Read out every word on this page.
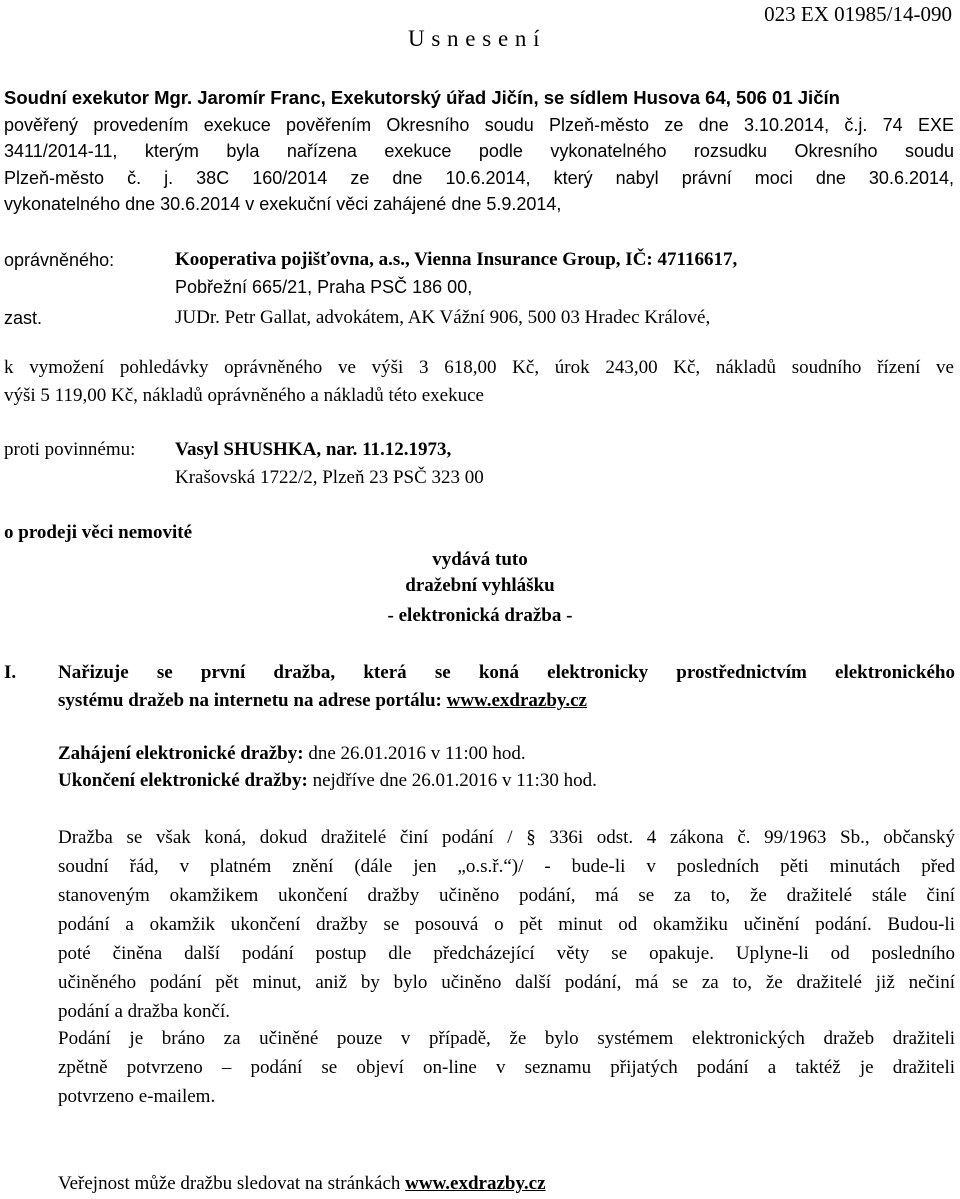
U s n e s e n í
023 EX 01985/14-090
Soudní exekutor Mgr. Jaromír Franc, Exekutorský úřad Jičín, se sídlem Husova 64, 506 01 Jičín
pověřený provedením exekuce pověřením Okresního soudu Plzeň-město ze dne 3.10.2014, č.j. 74 EXE
3411/2014-11, kterým byla nařízena exekuce podle vykonatelného rozsudku Okresního soudu
Plzeň-město č. j. 38C 160/2014 ze dne 10.6.2014, který nabyl právní moci dne 30.6.2014,
vykonatelného dne 30.6.2014 v exekuční věci zahájené dne 5.9.2014,
oprávněného:	Kooperativa pojišťovna, a.s., Vienna Insurance Group, IČ: 47116617,
Pobřežní 665/21, Praha PSČ 186 00,
zast.	JUDr. Petr Gallat, advokátem, AK Vážní 906, 500 03 Hradec Králové,
k vymožení pohledávky oprávněného ve výši 3 618,00 Kč, úrok 243,00 Kč, nákladů soudního řízení ve
výši 5 119,00 Kč, nákladů oprávněného a nákladů této exekuce
proti povinnému: Vasyl SHUSHKA, nar. 11.12.1973,
Krašovská 1722/2, Plzeň 23 PSČ 323 00
o prodeji věci nemovité
vydává tuto
dražební vyhlášku
- elektronická dražba -
I. Nařizuje se první dražba, která se koná elektronicky prostřednictvím elektronického
systému dražeb na internetu na adrese portálu: www.exdrazby.cz
Zahájení elektronické dražby: dne 26.01.2016 v 11:00 hod.
Ukončení elektronické dražby: nejdříve dne 26.01.2016 v 11:30 hod.
Dražba se však koná, dokud dražitelé činí podání / § 336i odst. 4 zákona č. 99/1963 Sb., občanský
soudní řád, v platném znění (dále jen „o.s.ř.“)/ - bude-li v posledních pěti minutách před
stanoveným okamžikem ukončení dražby učiněno podání, má se za to, že dražitelé stále činí
podání a okamžik ukončení dražby se posouvá o pět minut od okamžiku učinění podání. Budou-li
poté činěna další podání postup dle předcházející věty se opakuje. Uplyne-li od posledního
učiněného podání pět minut, aniž by bylo učiněno další podání, má se za to, že dražitelé již nečiní
podání a dražba končí.
Podání je bráno za učiněné pouze v případě, že bylo systémem elektronických dražeb dražiteli
zpětně potvrzeno – podání se objeví on-line v seznamu přijatých podání a taktéž je dražiteli
potvrzeno e-mailem.
Veřejnost může dražbu sledovat na stránkách www.exdrazby.cz
